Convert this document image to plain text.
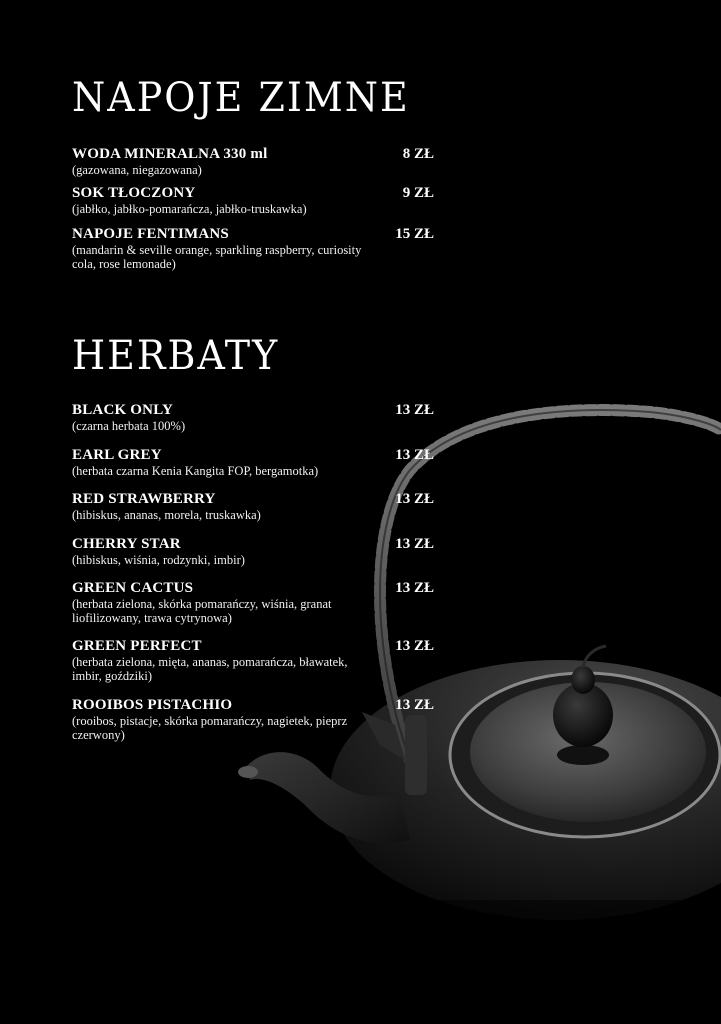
NAPOJE ZIMNE
WODA MINERALNA 330 ml
(gazowana, niegazowana)
8 ZŁ
SOK TŁOCZONY
(jabłko, jabłko-pomarańcza, jabłko-truskawka)
9 ZŁ
NAPOJE FENTIMANS
(mandarin & seville orange, sparkling raspberry, curiosity cola, rose lemonade)
15 ZŁ
HERBATY
BLACK ONLY
(czarna herbata 100%)
13 ZŁ
EARL GREY
(herbata czarna Kenia Kangita FOP, bergamotka)
13 ZŁ
RED STRAWBERRY
(hibiskus, ananas, morela, truskawka)
13 ZŁ
CHERRY STAR
(hibiskus, wiśnia, rodzynki, imbir)
13 ZŁ
GREEN CACTUS
(herbata zielona, skórka pomarańczy, wiśnia, granat liofilizowany, trawa cytrynowa)
13 ZŁ
GREEN PERFECT
(herbata zielona, mięta, ananas, pomarańcza, bławatek, imbir, goździki)
13 ZŁ
ROOIBOS PISTACHIO
(rooibos, pistacje, skórka pomarańczy, nagietek, pieprz czerwony)
13 ZŁ
